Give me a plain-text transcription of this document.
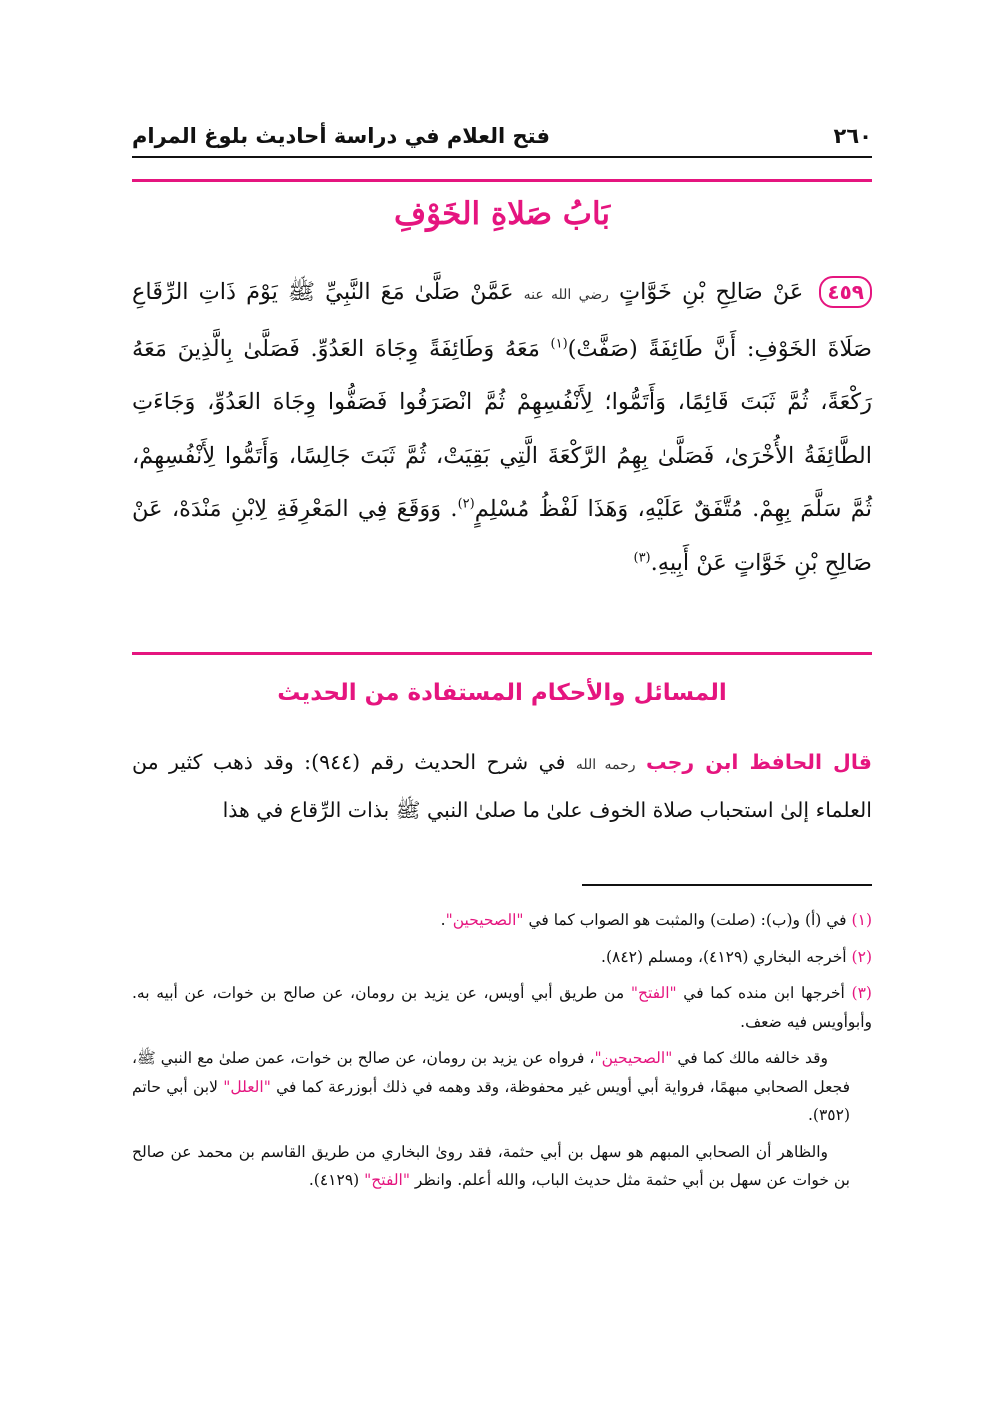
٢٦٠
فتح العلام في دراسة أحاديث بلوغ المرام
بَابُ صَلاةِ الخَوْفِ
٤٥٩ عَنْ صَالِحِ بْنِ خَوَّاتٍ رضي الله عنه عَمَّنْ صَلَّىٰ مَعَ النَّبِيِّ ﷺ يَوْمَ ذَاتِ الرِّقَاعِ صَلَاةَ الخَوْفِ: أَنَّ طَائِفَةً (صَفَّتْ)$^{(١)}$ مَعَهُ وَطَائِفَةً وِجَاهَ العَدُوِّ. فَصَلَّىٰ بِالَّذِينَ مَعَهُ رَكْعَةً، ثُمَّ ثَبَتَ قَائِمًا، وَأَتَمُّوا؛ لِأَنْفُسِهِمْ ثُمَّ انْصَرَفُوا فَصَفُّوا وِجَاهَ العَدُوِّ، وَجَاءَتِ الطَّائِفَةُ الأُخْرَىٰ، فَصَلَّىٰ بِهِمُ الرَّكْعَةَ الَّتِي بَقِيَتْ، ثُمَّ ثَبَتَ جَالِسًا، وَأَتَمُّوا لِأَنْفُسِهِمْ، ثُمَّ سَلَّمَ بِهِمْ. مُتَّفَقٌ عَلَيْهِ، وَهَذَا لَفْظُ مُسْلِمٍ$^{(٢)}$. وَوَقَعَ فِي المَعْرِفَةِ لِابْنِ مَنْدَهْ، عَنْ صَالِحِ بْنِ خَوَّاتٍ عَنْ أَبِيهِ.$^{(٣)}$
المسائل والأحكام المستفادة من الحديث
قال الحافظ ابن رجب رحمه الله في شرح الحديث رقم (٩٤٤): وقد ذهب كثير من العلماء إلىٰ استحباب صلاة الخوف علىٰ ما صلىٰ النبي ﷺ بذات الرِّقاع في هذا

(١) في (أ) و(ب): (صلت) والمثبت هو الصواب كما في "الصحيحين".

(٢) أخرجه البخاري (٤١٢٩)، ومسلم (٨٤٢).

(٣) أخرجها ابن منده كما في "الفتح" من طريق أبي أويس، عن يزيد بن رومان، عن صالح بن خوات، عن أبيه به. وأبوأويس فيه ضعف.

وقد خالفه مالك كما في "الصحيحين"، فرواه عن يزيد بن رومان، عن صالح بن خوات، عمن صلىٰ مع النبي ﷺ، فجعل الصحابي مبهمًا، فرواية أبي أويس غير محفوظة، وقد وهمه في ذلك أبوزرعة كما في "العلل" لابن أبي حاتم (٣٥٢).

والظاهر أن الصحابي المبهم هو سهل بن أبي حثمة، فقد روىٰ البخاري من طريق القاسم بن محمد عن صالح بن خوات عن سهل بن أبي حثمة مثل حديث الباب، والله أعلم. وانظر "الفتح" (٤١٢٩).
